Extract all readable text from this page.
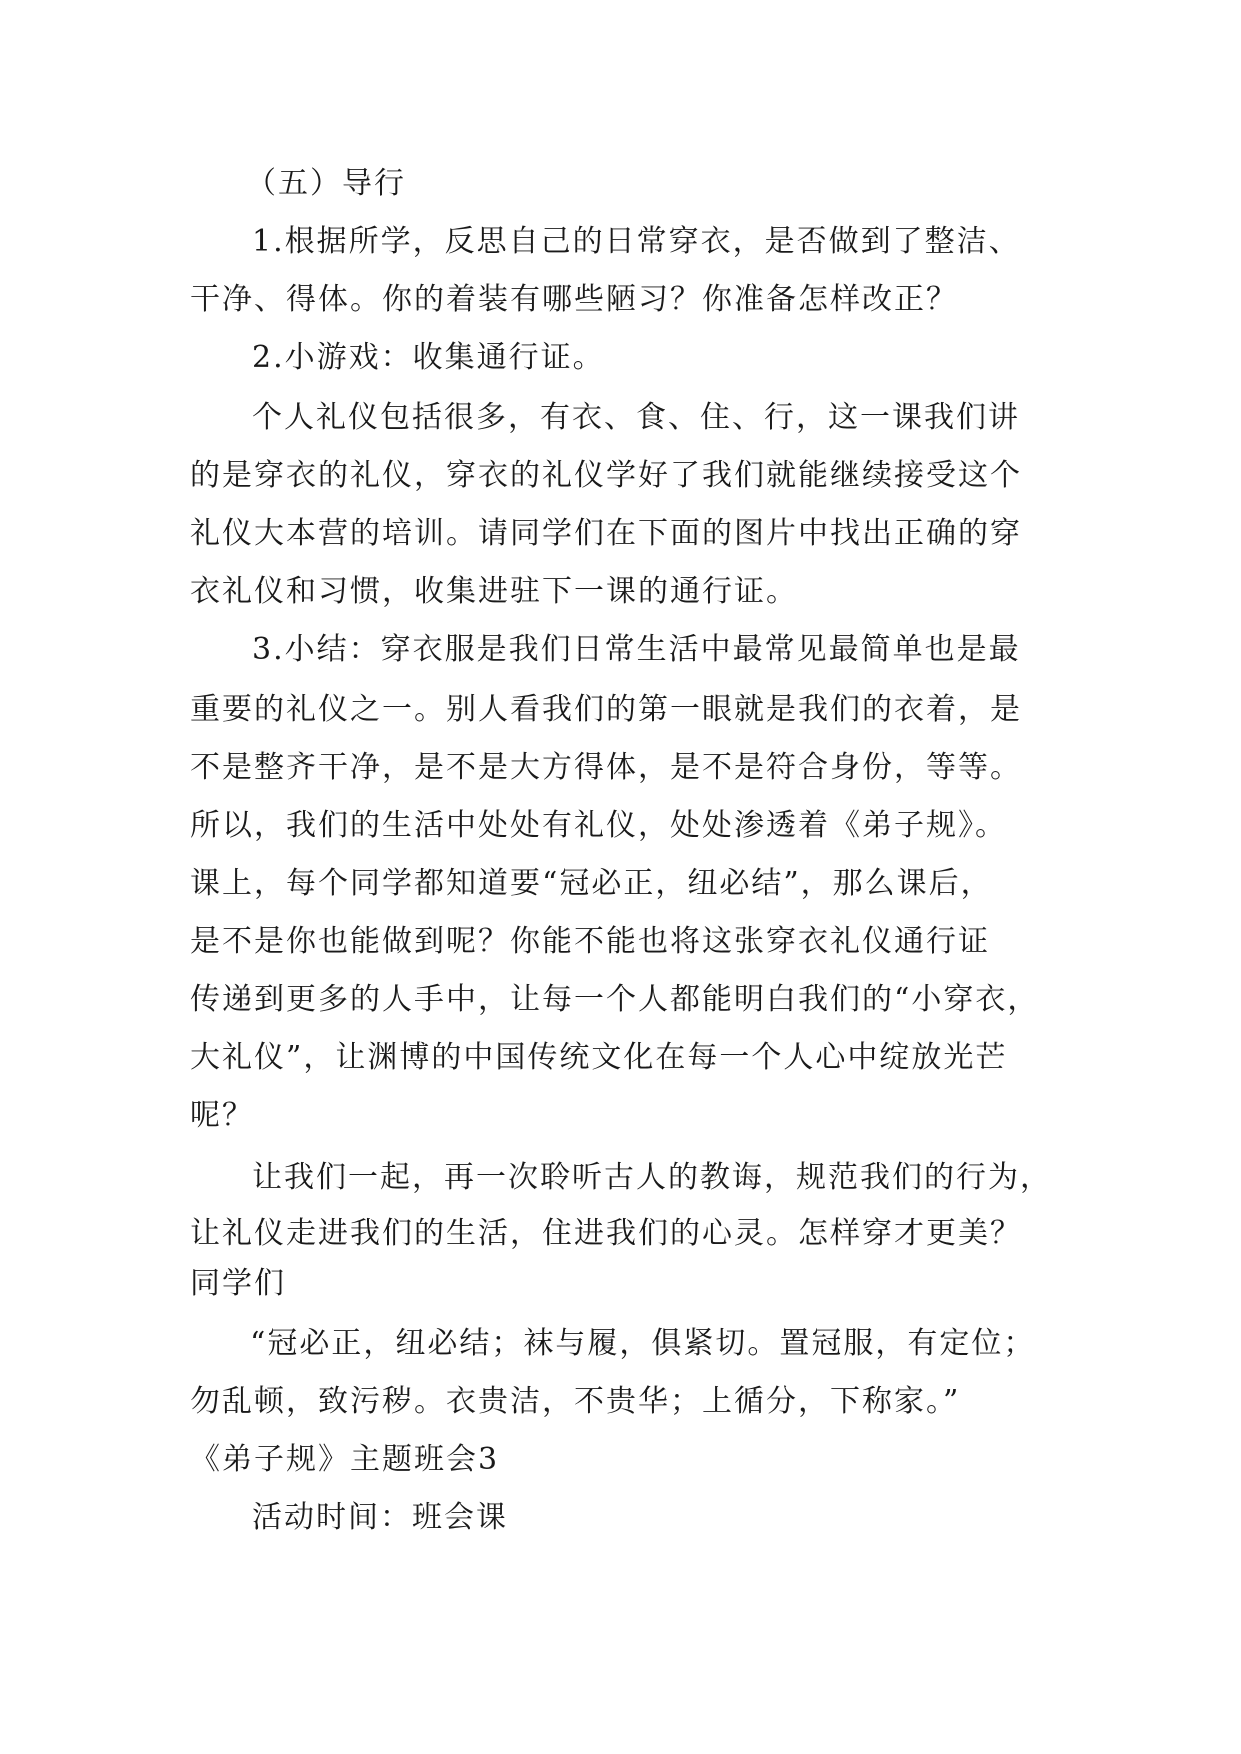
（五）导行
1.根据所学，反思自己的日常穿衣，是否做到了整洁、
干净、得体。你的着装有哪些陋习？你准备怎样改正？
2.小游戏：收集通行证。
个人礼仪包括很多，有衣、食、住、行，这一课我们讲
的是穿衣的礼仪，穿衣的礼仪学好了我们就能继续接受这个
礼仪大本营的培训。请同学们在下面的图片中找出正确的穿
衣礼仪和习惯，收集进驻下一课的通行证。
3.小结：穿衣服是我们日常生活中最常见最简单也是最
重要的礼仪之一。别人看我们的第一眼就是我们的衣着，是
不是整齐干净，是不是大方得体，是不是符合身份，等等。
所以，我们的生活中处处有礼仪，处处渗透着《弟子规》。
课上，每个同学都知道要“冠必正，纽必结”，那么课后，
是不是你也能做到呢？你能不能也将这张穿衣礼仪通行证
传递到更多的人手中，让每一个人都能明白我们的“小穿衣，
大礼仪”，让渊博的中国传统文化在每一个人心中绽放光芒
呢？
让我们一起，再一次聆听古人的教诲，规范我们的行为，
让礼仪走进我们的生活，住进我们的心灵。怎样穿才更美？
同学们
“冠必正，纽必结；袜与履，俱紧切。置冠服，有定位；
勿乱顿，致污秽。衣贵洁，不贵华；上循分，下称家。”
《弟子规》主题班会3
活动时间：班会课
